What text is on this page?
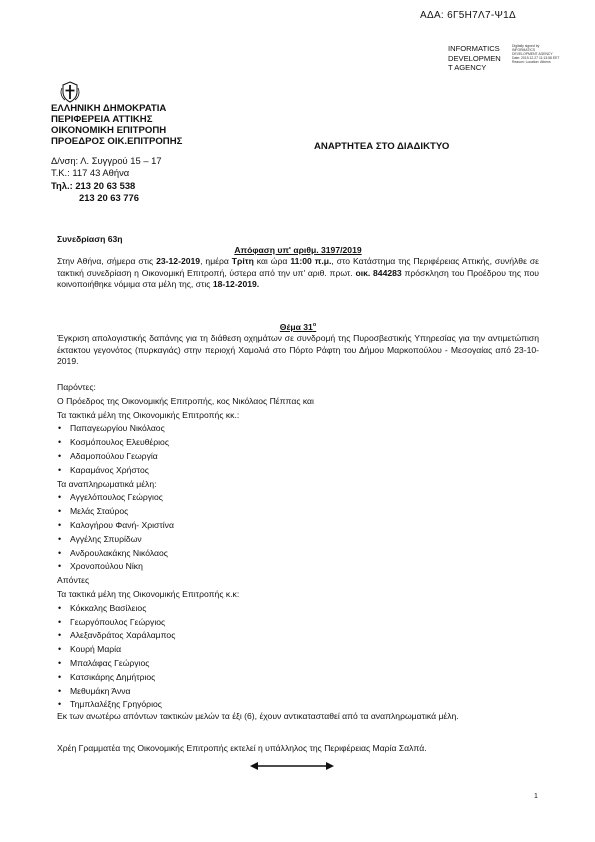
ΑΔΑ: 6Γ5Η7Λ7-Ψ1Δ
INFORMATICS
DEVELOPMEN
T AGENCY
Digitally signed by INFORMATICS DEVELOPMENT AGENCY Date: 2019.12.27 11:13:58 EET Reason: Location: Athens
ΕΛΛΗΝΙΚΗ ΔΗΜΟΚΡΑΤΙΑ
ΠΕΡΙΦΕΡΕΙΑ ΑΤΤΙΚΗΣ
ΟΙΚΟΝΟΜΙΚΗ ΕΠΙΤΡΟΠΗ
ΠΡΟΕΔΡΟΣ ΟΙΚ.ΕΠΙΤΡΟΠΗΣ	ΑΝΑΡΤΗΤΕΑ ΣΤΟ ΔΙΑΔΙΚΤΥΟ
Δ/νση: Λ. Συγγρού 15 – 17
Τ.Κ.: 117 43 Αθήνα
Τηλ.: 213 20 63 538
213 20 63 776
Συνεδρίαση 63η
Απόφαση υπ' αριθμ. 3197/2019
Στην Αθήνα, σήμερα στις 23-12-2019, ημέρα Τρίτη και ώρα 11:00 π.μ., στο Κατάστημα της Περιφέρειας Αττικής, συνήλθε σε τακτική συνεδρίαση η Οικονομική Επιτροπή, ύστερα από την υπ' αριθ. πρωτ. οικ. 844283 πρόσκληση του Προέδρου της που κοινοποιήθηκε νόμιμα στα μέλη της, στις 18-12-2019.
Θέμα $31^o$
Έγκριση απολογιστικής δαπάνης για τη διάθεση οχημάτων σε συνδρομή της Πυροσβεστικής Υπηρεσίας για την αντιμετώπιση έκτακτου γεγονότος (πυρκαγιάς) στην περιοχή Χαμολιά στο Πόρτο Ράφτη του Δήμου Μαρκοπούλου - Μεσογαίας από 23-10-2019.
Παρόντες:
Ο Πρόεδρος της Οικονομικής Επιτροπής, κος Νικόλαος Πέππας και
Τα τακτικά μέλη της Οικονομικής Επιτροπής κκ.:
• Παπαγεωργίου Νικόλαος
• Κοσμόπουλος Ελευθέριος
• Αδαμοπούλου Γεωργία
• Καραμάνος Χρήστος
Τα αναπληρωματικά μέλη:
• Αγγελόπουλος Γεώργιος
• Μελάς Σταύρος
• Καλογήρου Φανή- Χριστίνα
• Αγγέλης Σπυρίδων
• Ανδρουλακάκης Νικόλαος
• Χρονοπούλου Νίκη
Απόντες
Τα τακτικά μέλη της Οικονομικής Επιτροπής κ.κ:
• Κόκκαλης Βασίλειος
• Γεωργόπουλος Γεώργιος
• Αλεξανδράτος Χαράλαμπος
• Κουρή Μαρία
• Μπαλάφας Γεώργιος
• Κατσικάρης Δημήτριος
• Μεθυμάκη Άννα
• Τημπλαλέξης Γρηγόριος
Εκ των ανωτέρω απόντων τακτικών μελών τα έξι (6), έχουν αντικατασταθεί από τα αναπληρωματικά μέλη.
Χρέη Γραμματέα της Οικονομικής Επιτροπής εκτελεί η υπάλληλος της Περιφέρειας Μαρία Σαλπά.
1
